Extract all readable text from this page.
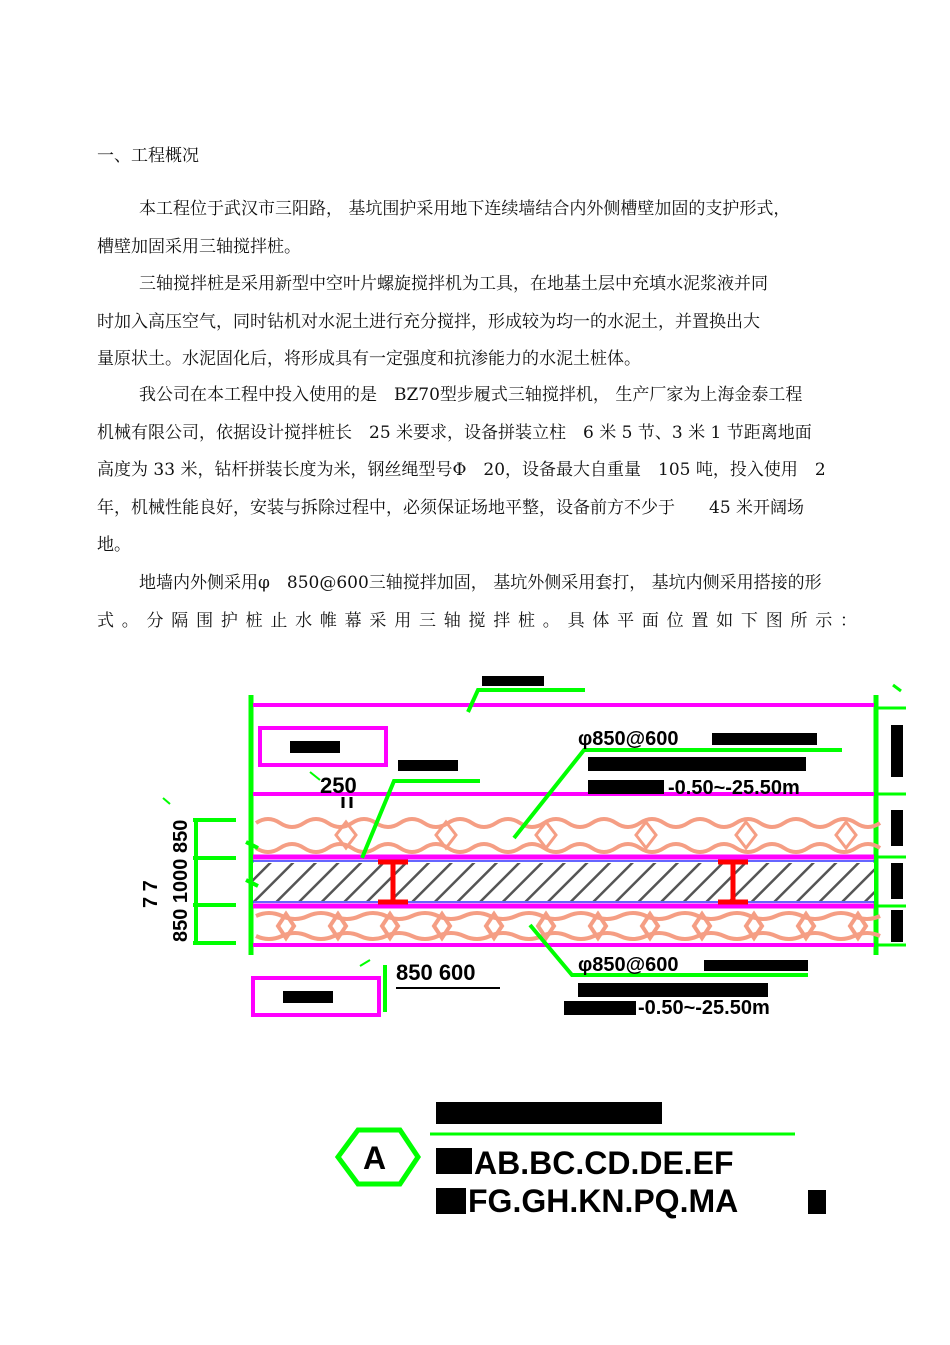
一、工程概况
本工程位于武汉市三阳路， 基坑围护采用地下连续墙结合内外侧槽壁加固的支护形式，
槽壁加固采用三轴搅拌桩。
三轴搅拌桩是采用新型中空叶片螺旋搅拌机为工具，在地基土层中充填水泥浆液并同
时加入高压空气，同时钻机对水泥土进行充分搅拌，形成较为均一的水泥土，并置换出大
量原状土。水泥固化后，将形成具有一定强度和抗渗能力的水泥土桩体。
我公司在本工程中投入使用的是　BZ70型步履式三轴搅拌机， 生产厂家为上海金泰工程
机械有限公司，依据设计搅拌桩长　25 米要求，设备拼装立柱　6 米 5 节、3 米 1 节距离地面
高度为 33 米，钻杆拼装长度为米，钢丝绳型号Φ　20，设备最大自重量　105 吨，投入使用　2
年，机械性能良好，安装与拆除过程中，必须保证场地平整，设备前方不少于　　45 米开阔场
地。
地墙内外侧采用φ　850@600三轴搅拌加固， 基坑外侧采用套打， 基坑内侧采用搭接的形
式。分隔围护桩止水帷幕采用三轴搅拌桩。具体平面位置如下图所示：
850 1000 850
7 7
250
φ850@600
-0.50~-25.50m
φ850@600
-0.50~-25.50m
850 600
A	AB.BC.CD.DE.EF
FG.GH.KN.PQ.MA
